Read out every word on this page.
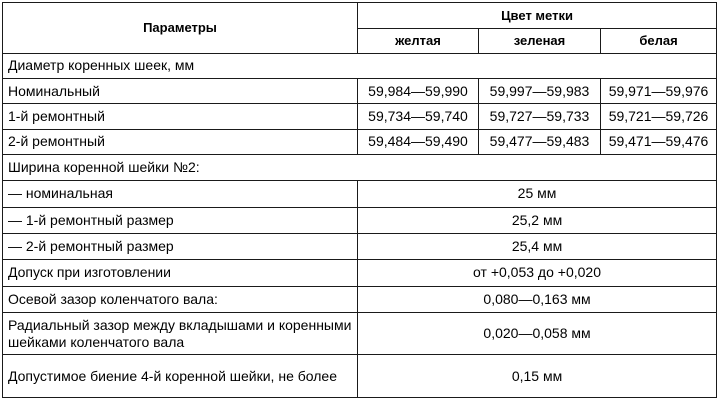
Параметры	Цвет метки		
	желтая	зеленая	белая
Диаметр коренных шеек, мм			
Номинальный	59,984—59,990	59,997—59,983	59,971—59,976
1-й ремонтный	59,734—59,740	59,727—59,733	59,721—59,726
2-й ремонтный	59,484—59,490	59,477—59,483	59,471—59,476
Ширина коренной шейки №2:			
— номинальная	25 мм		
— 1-й ремонтный размер	25,2 мм		
— 2-й ремонтный размер	25,4 мм		
Допуск при изготовлении	от +0,053 до +0,020		
Осевой зазор коленчатого вала:	0,080—0,163 мм		
Радиальный зазор между вкладышами и коренными шейками коленчатого вала	0,020—0,058 мм		
Допустимое биение 4-й коренной шейки, не более	0,15 мм		
